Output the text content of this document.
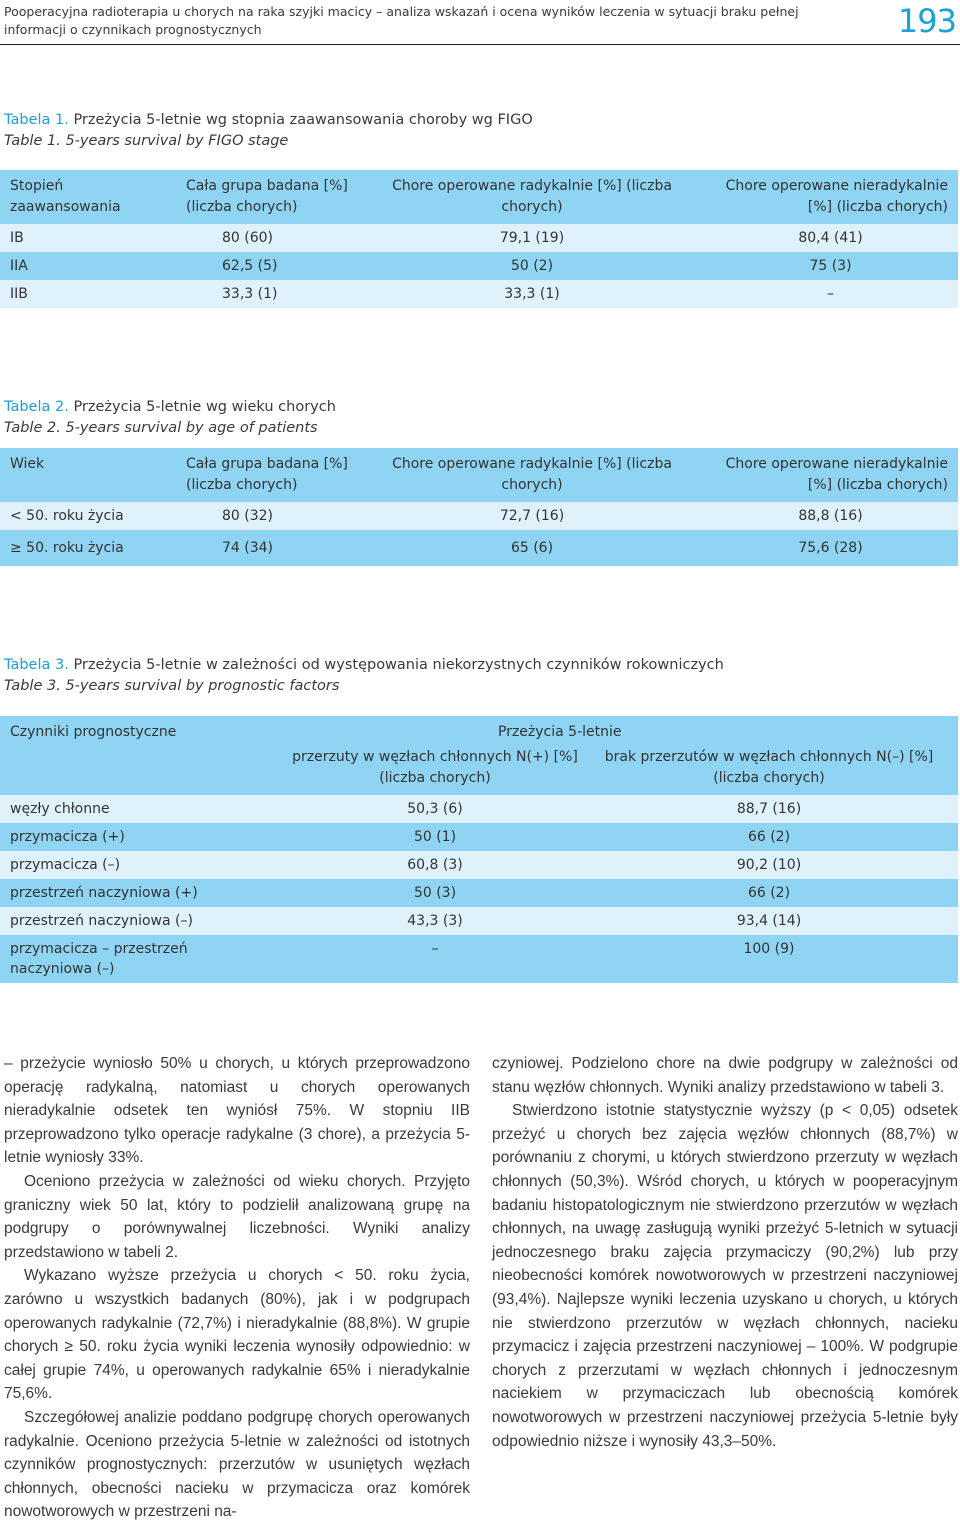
Pooperacyjna radioterapia u chorych na raka szyjki macicy – analiza wskazań i ocena wyników leczenia w sytuacji braku pełnej informacji o czynnikach prognostycznych	193
Tabela 1. Przeżycia 5-letnie wg stopnia zaawansowania choroby wg FIGO
Table 1. 5-years survival by FIGO stage
Stopień zaawansowania	Cała grupa badana [%] (liczba chorych)	Chore operowane radykalnie [%] (liczba chorych)	Chore operowane nieradykalnie [%] (liczba chorych)
IB	80 (60)	79,1 (19)	80,4 (41)
IIA	62,5 (5)	50 (2)	75 (3)
IIB	33,3 (1)	33,3 (1)	–
Tabela 2. Przeżycia 5-letnie wg wieku chorych
Table 2. 5-years survival by age of patients
Wiek	Cała grupa badana [%] (liczba chorych)	Chore operowane radykalnie [%] (liczba chorych)	Chore operowane nieradykalnie [%] (liczba chorych)
< 50. roku życia	80 (32)	72,7 (16)	88,8 (16)
≥ 50. roku życia	74 (34)	65 (6)	75,6 (28)
Tabela 3. Przeżycia 5-letnie w zależności od występowania niekorzystnych czynników rokowniczych
Table 3. 5-years survival by prognostic factors
Czynniki prognostyczne	Przeżycia 5-letnie	
	przerzuty w węzłach chłonnych N(+) [%] (liczba chorych)	brak przerzutów w węzłach chłonnych N(–) [%] (liczba chorych)
węzły chłonne	50,3 (6)	88,7 (16)
przymacicza (+)	50 (1)	66 (2)
przymacicza (–)	60,8 (3)	90,2 (10)
przestrzeń naczyniowa (+)	50 (3)	66 (2)
przestrzeń naczyniowa (–)	43,3 (3)	93,4 (14)
przymacicza – przestrzeń naczyniowa (–)	–	100 (9)

– przeżycie wyniosło 50% u chorych, u których przeprowadzono operację radykalną, natomiast u chorych operowanych nieradykalnie odsetek ten wyniósł 75%. W stopniu IIB przeprowadzono tylko operacje radykalne (3 chore), a przeżycia 5-letnie wyniosły 33%.

Oceniono przeżycia w zależności od wieku chorych. Przyjęto graniczny wiek 50 lat, który to podzielił analizowaną grupę na podgrupy o porównywalnej liczebności. Wyniki analizy przedstawiono w tabeli 2.

Wykazano wyższe przeżycia u chorych < 50. roku życia, zarówno u wszystkich badanych (80%), jak i w podgrupach operowanych radykalnie (72,7%) i nieradykalnie (88,8%). W grupie chorych ≥ 50. roku życia wyniki leczenia wynosiły odpowiednio: w całej grupie 74%, u operowanych radykalnie 65% i nieradykalnie 75,6%.

Szczegółowej analizie poddano podgrupę chorych operowanych radykalnie. Oceniono przeżycia 5-letnie w zależności od istotnych czynników prognostycznych: przerzutów w usuniętych węzłach chłonnych, obecności nacieku w przymacicza oraz komórek nowotworowych w przestrzeni na-

czyniowej. Podzielono chore na dwie podgrupy w zależności od stanu węzłów chłonnych. Wyniki analizy przedstawiono w tabeli 3.

Stwierdzono istotnie statystycznie wyższy (p < 0,05) odsetek przeżyć u chorych bez zajęcia węzłów chłonnych (88,7%) w porównaniu z chorymi, u których stwierdzono przerzuty w węzłach chłonnych (50,3%). Wśród chorych, u których w pooperacyjnym badaniu histopatologicznym nie stwierdzono przerzutów w węzłach chłonnych, na uwagę zasługują wyniki przeżyć 5-letnich w sytuacji jednoczesnego braku zajęcia przymaciczy (90,2%) lub przy nieobecności komórek nowotworowych w przestrzeni naczyniowej (93,4%). Najlepsze wyniki leczenia uzyskano u chorych, u których nie stwierdzono przerzutów w węzłach chłonnych, nacieku przymacicz i zajęcia przestrzeni naczyniowej – 100%. W podgrupie chorych z przerzutami w węzłach chłonnych i jednoczesnym naciekiem w przymaciczach lub obecnością komórek nowotworowych w przestrzeni naczyniowej przeżycia 5-letnie były odpowiednio niższe i wynosiły 43,3–50%.
